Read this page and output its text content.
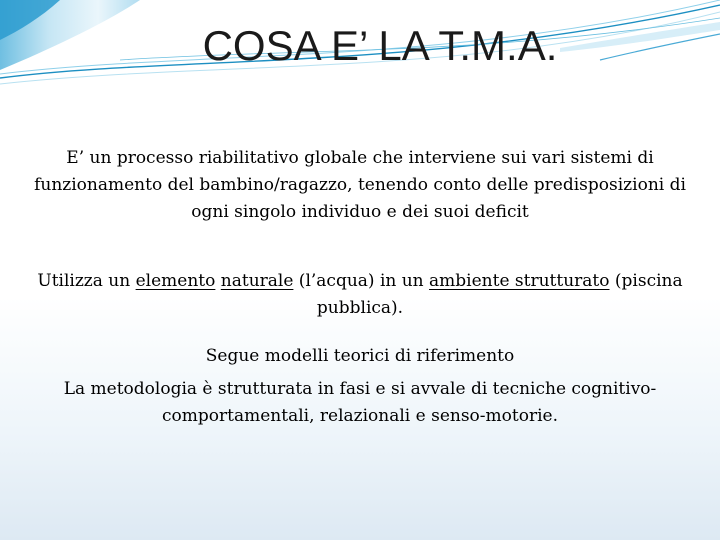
COSA E’ LA T.M.A.

E’ un processo riabilitativo globale che interviene sui vari sistemi di funzionamento del bambino/ragazzo, tenendo conto delle predisposizioni di ogni singolo individuo e dei suoi deficit

Utilizza un elemento naturale (l’acqua) in un ambiente strutturato (piscina pubblica).

Segue modelli teorici di riferimento

La metodologia è strutturata in fasi e si avvale di tecniche cognitivo-comportamentali, relazionali e senso-motorie.
